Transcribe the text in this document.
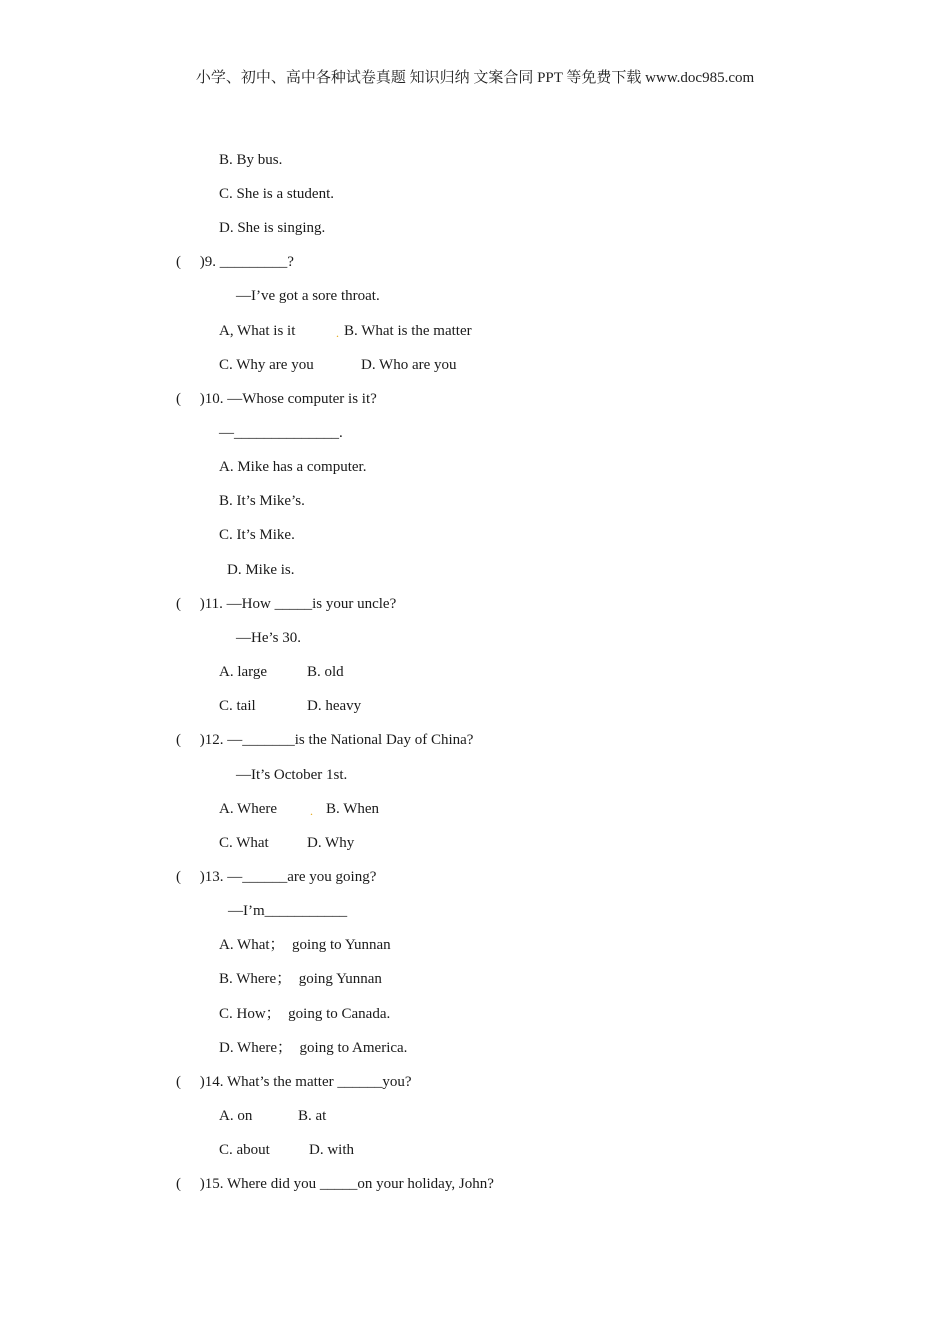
小学、初中、高中各种试卷真题 知识归纳 文案合同 PPT 等免费下载 www.doc985.com
B. By bus.
C. She is a student.
D. She is singing.
(     )9. _________?
—I’ve got a sore throat.
A, What is it	. B. What is the matter
C. Why are you	D. Who are you
(     )10. —Whose computer is it?
—______________.
A. Mike has a computer.
B. It’s Mike’s.
C. It’s Mike.
D. Mike is.
(     )11. —How _____is your uncle?
—He’s 30.
A. large	B. old
C. tail	D. heavy
(     )12. —_______is the National Day of China?
—It’s October 1st.
A. Where	. B. When
C. What	D. Why
(     )13. —______are you going?
—I’m___________
A. What；  going to Yunnan
B. Where；  going Yunnan
C. How；  going to Canada.
D. Where；  going to America.
(     )14. What’s the matter ______you?
A. on	B. at
C. about	D. with
(     )15. Where did you _____on your holiday, John?
